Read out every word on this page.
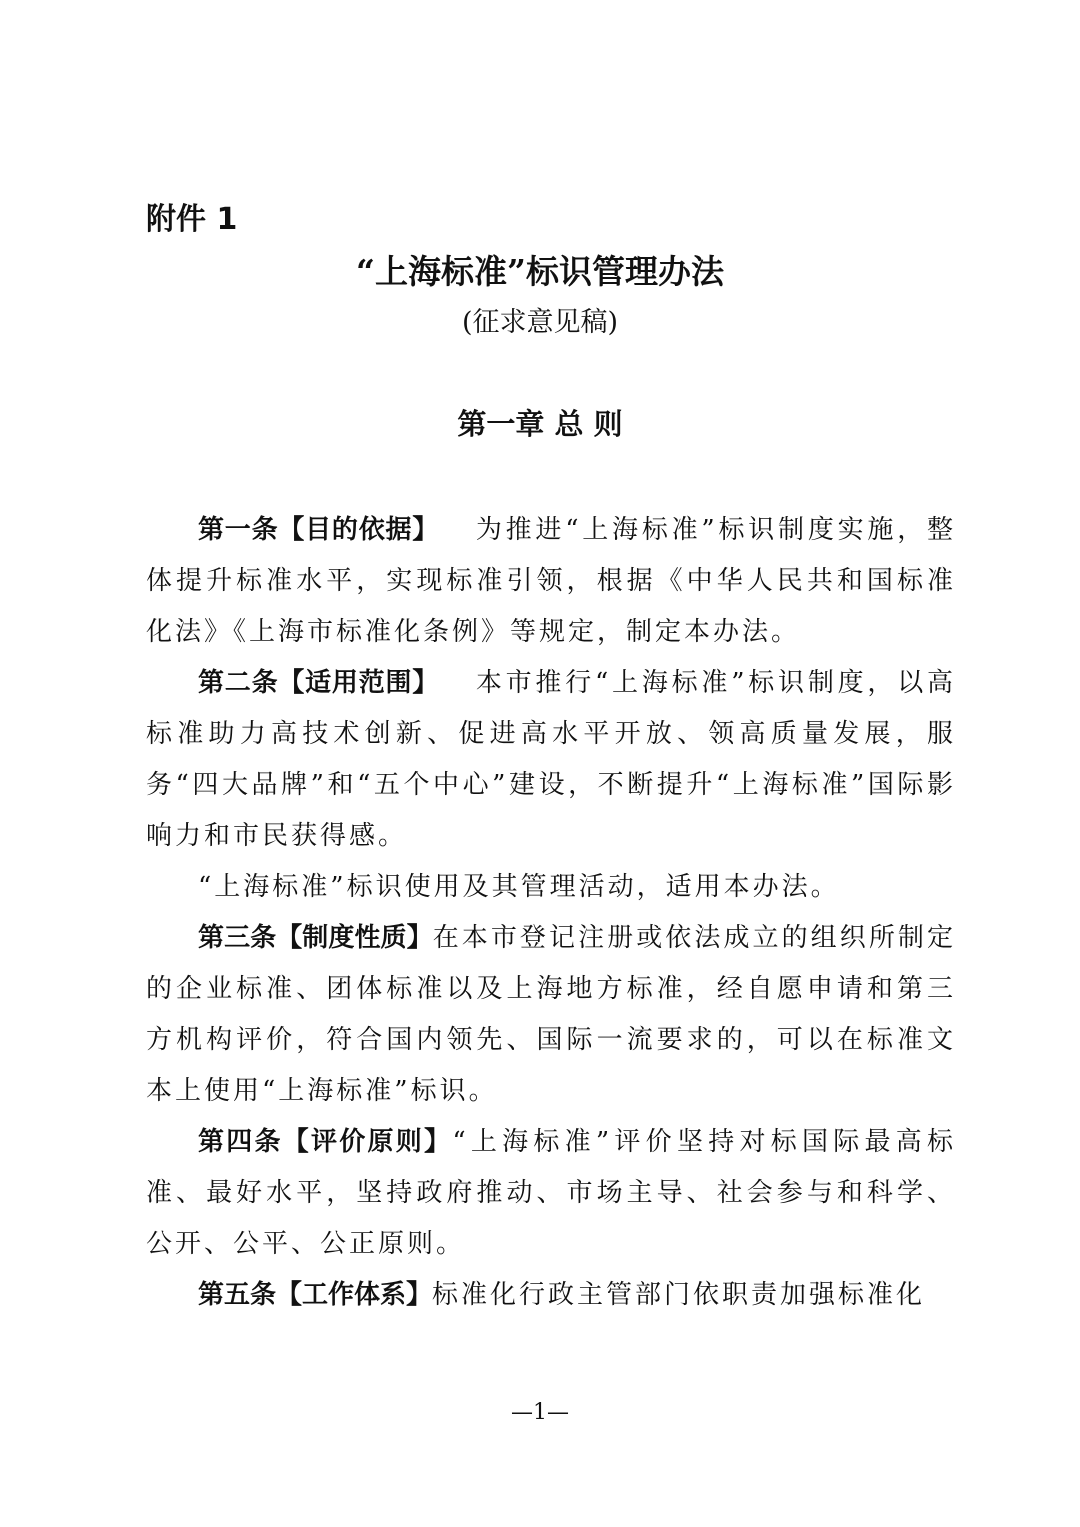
附件 1

“上海标准”标识管理办法

(征求意见稿)

第一章 总 则

第一条【目的依据】 为推进“上海标准”标识制度实施，整体提升标准水平，实现标准引领，根据《中华人民共和国标准化法》《上海市标准化条例》等规定，制定本办法。

第二条【适用范围】 本市推行“上海标准”标识制度，以高标准助力高技术创新、促进高水平开放、领高质量发展，服务“四大品牌”和“五个中心”建设，不断提升“上海标准”国际影响力和市民获得感。

“上海标准”标识使用及其管理活动，适用本办法。

第三条【制度性质】在本市登记注册或依法成立的组织所制定的企业标准、团体标准以及上海地方标准，经自愿申请和第三方机构评价，符合国内领先、国际一流要求的，可以在标准文本上使用“上海标准”标识。

第四条【评价原则】“上海标准”评价坚持对标国际最高标准、最好水平，坚持政府推动、市场主导、社会参与和科学、公开、公平、公正原则。

第五条【工作体系】标准化行政主管部门依职责加强标准化

—1—
